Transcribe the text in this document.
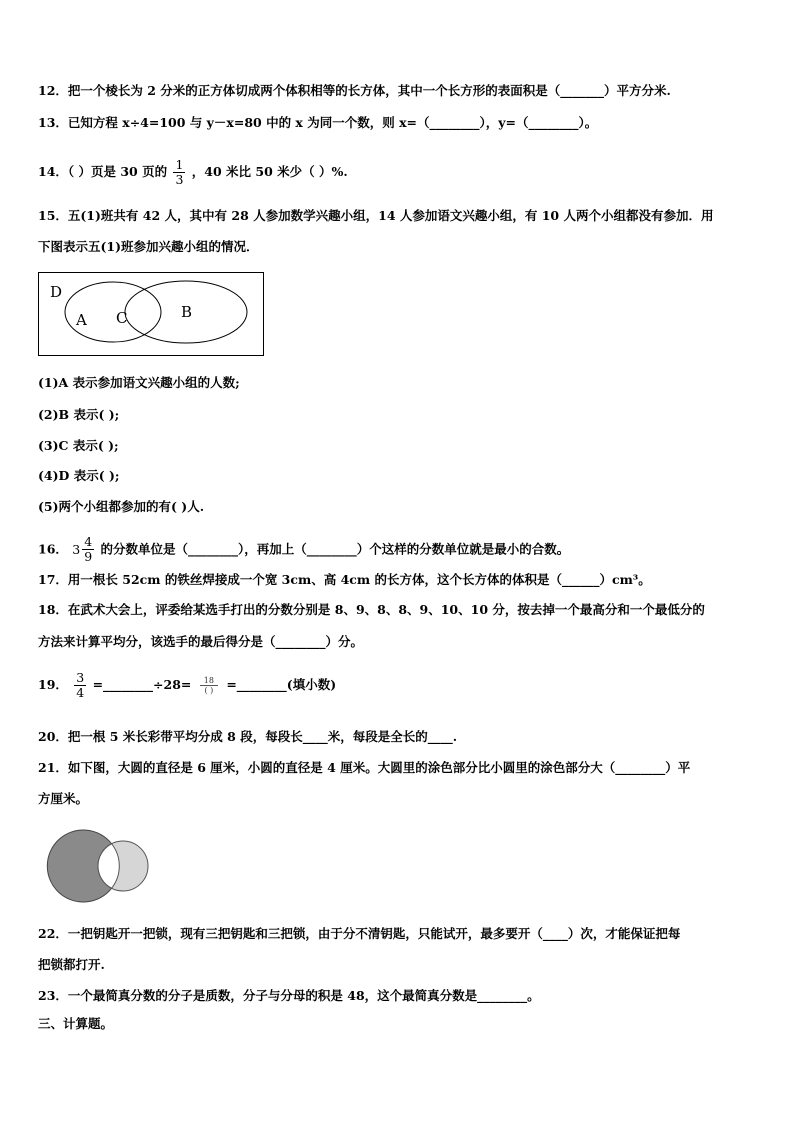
12．把一个棱长为 2 分米的正方体切成两个体积相等的长方体，其中一个长方形的表面积是（_______）平方分米.
13．已知方程 x÷4=100 与 y－x=80 中的 x 为同一个数，则 x=（________），y=（________）。
14．（ ）页是 30 页的 $\frac{1}{3}$ ，40 米比 50 米少（ ）%.
15．五(1)班共有 42 人，其中有 28 人参加数学兴趣小组，14 人参加语文兴趣小组，有 10 人两个小组都没有参加．用
下图表示五(1)班参加兴趣小组的情况．
D
A C	B
(1)A 表示参加语文兴趣小组的人数;
(2)B 表示( );
(3)C 表示( );
(4)D 表示( );
(5)两个小组都参加的有( )人.
16． $3 \frac{4}{9}$ 的分数单位是（________），再加上（________）个这样的分数单位就是最小的合数。
17．用一根长 52cm 的铁丝焊接成一个宽 3cm、高 4cm 的长方体，这个长方体的体积是（______）cm³。
18．在武术大会上，评委给某选手打出的分数分别是 8、9、8、8、9、10、10 分，按去掉一个最高分和一个最低分的
方法来计算平均分，该选手的最后得分是（________）分。
19． $\frac{3}{4}$ =________÷28= $\frac{18}{( )}$ =________(填小数)
20．把一根 5 米长彩带平均分成 8 段，每段长____米，每段是全长的____.
21．如下图，大圆的直径是 6 厘米，小圆的直径是 4 厘米。大圆里的涂色部分比小圆里的涂色部分大（________）平
方厘米。
22．一把钥匙开一把锁，现有三把钥匙和三把锁，由于分不清钥匙，只能试开，最多要开（____）次，才能保证把每
把锁都打开.
23．一个最简真分数的分子是质数，分子与分母的积是 48，这个最简真分数是________。
三、计算题。
